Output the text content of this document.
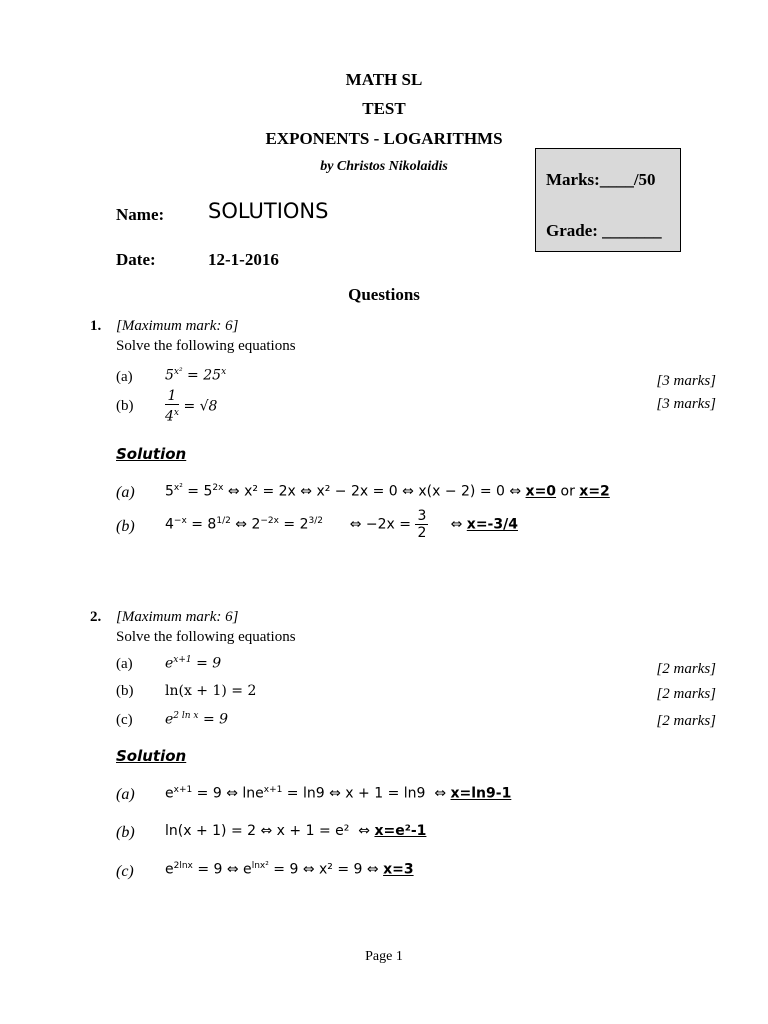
MATH SL
TEST
EXPONENTS - LOGARITHMS
by Christos Nikolaidis
Name: SOLUTIONS
Date:	12-1-2016
Marks:____/50
Grade: _______
Questions
1. [Maximum mark: 6]
Solve the following equations
(a) $5^{x^2} = 25^x$
[3 marks]
$(b) \frac{1}{4^x} = √8$	[3 marks]
Solution
(a) $5^{x^2} = 5^{2x}$ ⇔ x² = 2x ⇔ x² − 2x = 0 ⇔ x(x − 2) = 0 ⇔ x=0 or x=2
(b) $4^{-x} = 8^{1/2}$ ⇔ $2^{-2x} = 2^{3/2}$      ⇔ $-2x = \frac{3}{2}$ ⇔ x=-3/4
2. [Maximum mark: 6]
Solve the following equations
(a) $e^{x+1} = 9$	[2 marks]
(b) ln(x + 1) = 2	[2 marks]
(c) $e^{2 ln x} = 9$	[2 marks]
Solution
(a) $e^{x+1} = 9$ ⇔ lne$^{x+1}$ = ln9 ⇔ x + 1 = ln9  ⇔ x=ln9-1
(b) ln(x + 1) = 2 ⇔ x + 1 = e²  ⇔ x=e²-1
(c) $e^{2lnx} = 9$ ⇔ $e^{lnx^2} = 9$ ⇔ x² = 9 ⇔ x=3
Page 1
